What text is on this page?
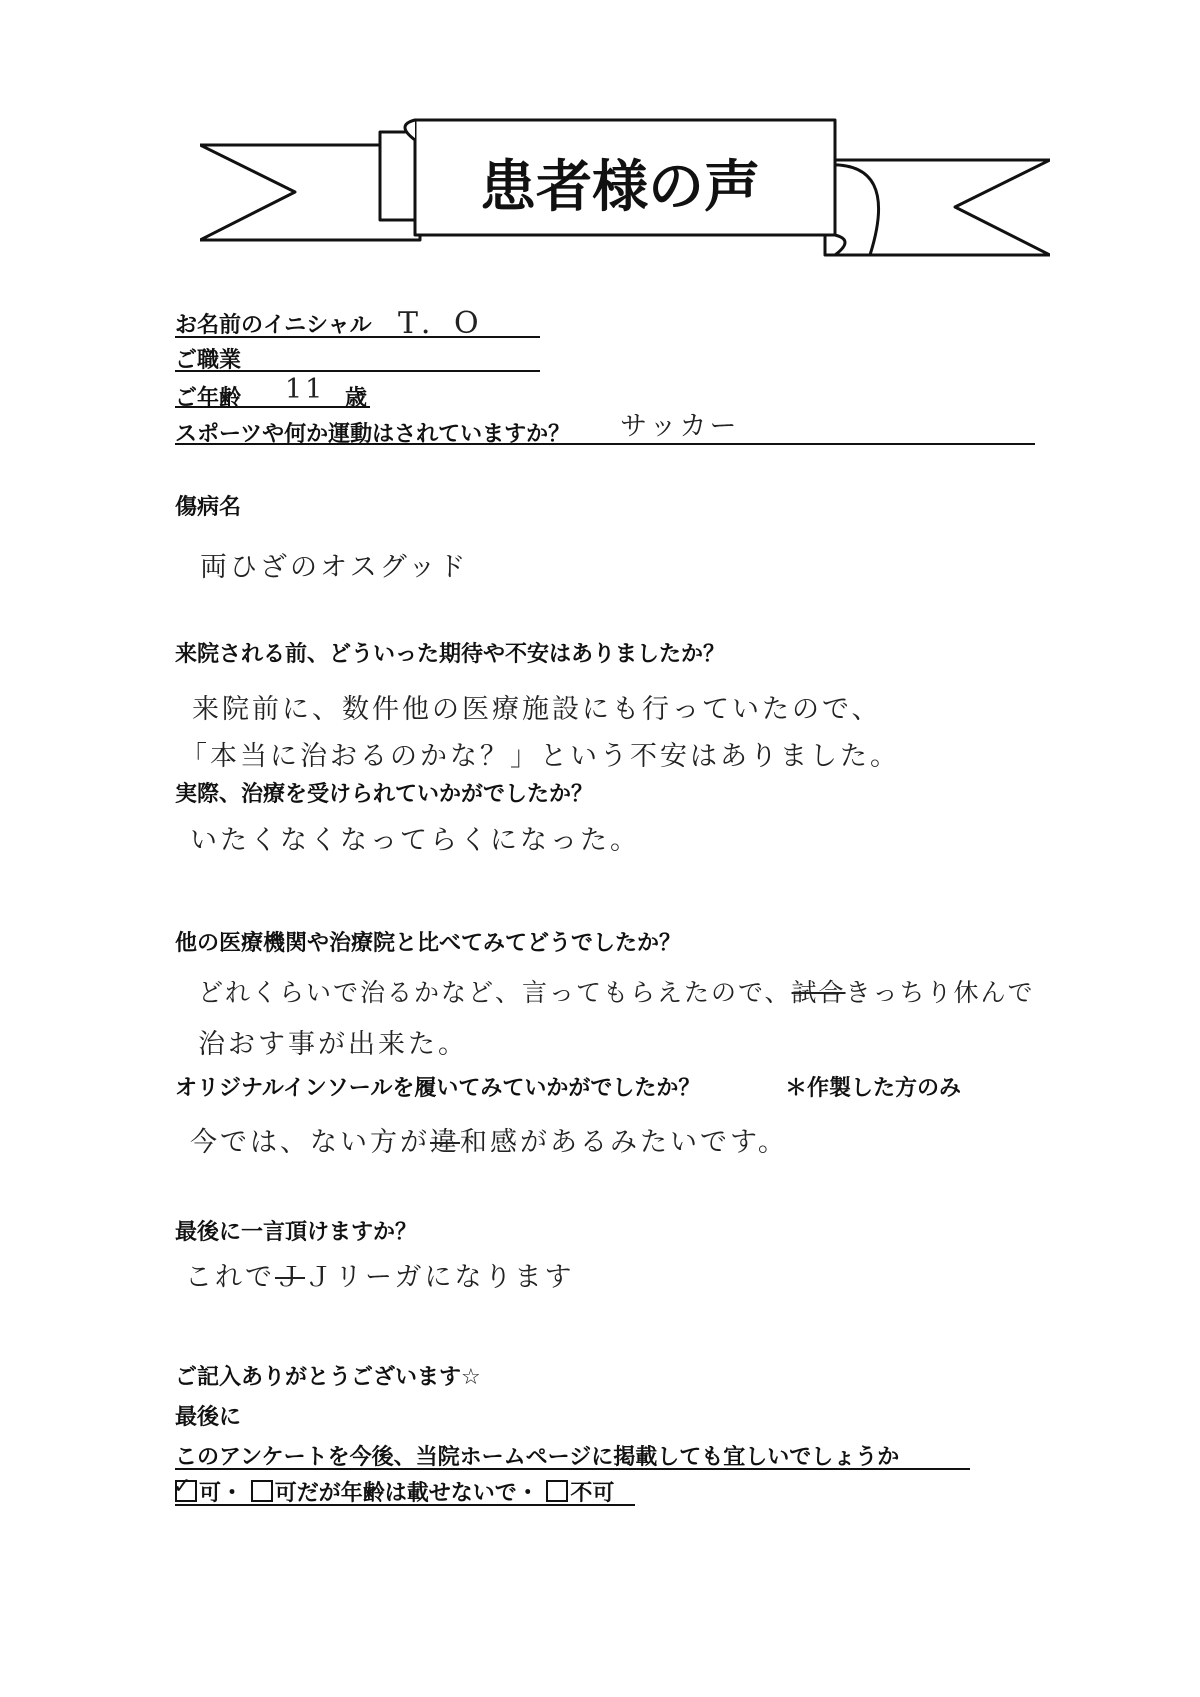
患者様の声
お名前のイニシャル T．O
ご職業
ご年齢 11 歳
スポーツや何か運動はされていますか？ サッカー
傷病名
両ひざのオスグッド
来院される前、どういった期待や不安はありましたか？
来院前に、数件他の医療施設にも行っていたので、
「本当に治おるのかな？」という不安はありました。
実際、治療を受けられていかがでしたか？
いたくなくなってらくになった。
他の医療機関や治療院と比べてみてどうでしたか？
どれくらいで治るかなど、言ってもらえたので、試合きっちり休んで
治おす事が出来た。
オリジナルインソールを履いてみていかがでしたか？	＊作製した方のみ
今では、ない方が違和感があるみたいです。
最後に一言頂けますか？
これでＪＪリーガになります
ご記入ありがとうございます☆
最後に
このアンケートを今後、当院ホームページに掲載しても宜しいでしょうか
✓ 可・ 可だが年齢は載せないで・ 不可
